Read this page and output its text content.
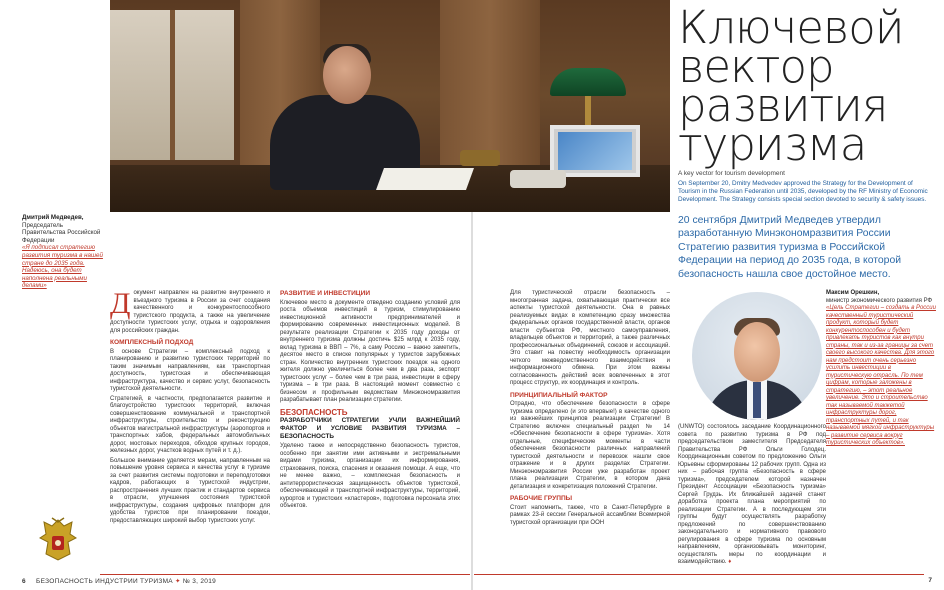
Дмитрий Медведев,
Председатель Правительства Российской Федерации
«Я подписал стратегию развития туризма в нашей стране до 2035 года. Надеюсь, она будет наполнена реальными делами»

Документ направлен на развитие внутреннего и въездного туризма в России за счет создания качественного и конкурентоспособного туристского продукта, а также на увеличение доступности туристских услуг, отдыха и оздоровления для российских граждан.

КОМПЛЕКСНЫЙ ПОДХОД

В основе Стратегии – комплексный подход к планированию и развитию туристских территорий по таким значимым направлениям, как транспортная доступность, туристская и обеспечивающая инфраструктура, качество и сервис услуг, безопасность туристской деятельности.

Стратегией, в частности, предполагается развитие и благоустройство туристских территорий, включая совершенствование коммунальной и транспортной инфраструктуры, строительство и реконструкцию объектов магистральной инфраструктуры (аэропортов и транспортных хабов, федеральных автомобильных дорог, мостовых переходов, обходов крупных городов, железных дорог, участков водных путей и т. д.).

Большое внимание уделяется мерам, направленным на повышение уровня сервиса и качества услуг в туризме за счет развития системы подготовки и переподготовки кадров, работающих в туристской индустрии, распространения лучших практик и стандартов сервиса в отрасли, улучшения состояния туристской инфраструктуры, создания цифровых платформ для удобства туристов при планировании поездки, предоставляющих широкий выбор туристских услуг.

РАЗВИТИЕ И ИНВЕСТИЦИИ

Ключевое место в документе отведено созданию условий для роста объемов инвестиций в туризм, стимулированию инвестиционной активности предпринимателей и формированию современных инвестиционных моделей. В результате реализации Стратегии к 2035 году доходы от внутреннего туризма должны достичь $25 млрд к 2035 году, вклад туризма в ВВП – 7%, а саму Россию – важно заметить, десятое место в списке популярных у туристов зарубежных стран. Количество внутренних туристских поездок на одного жителя должно увеличиться более чем в два раза, экспорт туристских услуг – более чем в три раза, инвестиции в сферу туризма – в три раза. В настоящий момент совместно с бизнесом и профильным ведомствам Минэкономразвития разрабатывает план реализации стратегии.

БЕЗОПАСНОСТЬ
РАЗРАБОТЧИКИ СТРАТЕГИИ УЧЛИ ВАЖНЕЙШИЙ ФАКТОР И УСЛОВИЕ РАЗВИТИЯ ТУРИЗМА – БЕЗОПАСНОСТЬ

Уделено также и непосредственно безопасность туристов, особенно при занятии ими активными и экстремальными видами туризма, организации их информирования, страхования, поиска, спасения и оказания помощи. А еще, что не менее важно, – комплексная безопасность и антитеррористическая защищенность объектов туристской, обеспечивающей и транспортной инфраструктуры, территорий, курортов и туристских «кластеров», подготовка персонала этих объектов.

6 БЕЗОПАСНОСТЬ ИНДУСТРИИ ТУРИЗМА ✦ № 3, 2019
Ключевой
вектор
развития
туризма
A key vector for tourism development
On September 20, Dmitry Medvedev approved the Strategy for the Development of Tourism in the Russian Federation until 2035, developed by the RF Ministry of Economic Development. The Strategy consists special section devoted to security & safety issues.
20 сентября Дмитрий Медведев утвердил разработанную Минэкономразвития России Стратегию развития туризма в Российской Федерации на период до 2035 года, в которой безопасность нашла свое достойное место.

Для туристической отрасли безопасность – многогранная задача, охватывающая практически все аспекты туристской деятельности. Она в равных реализуемых видах в компетенцию сразу множества федеральных органов государственной власти, органов власти субъектов РФ, местного самоуправления, владельцев объектов и территорий, а также различных профессиональных объединений, союзов и ассоциаций. Это ставит на повестку необходимость организации четкого межведомственного взаимодействия и информационного обмена. При этом важны согласованность действий всех вовлеченных в этот процесс структур, их координация и контроль.

ПРИНЦИПИАЛЬНЫЙ ФАКТОР

Отрадно, что обеспечение безопасности в сфере туризма определено (и это впервые!) в качестве одного из важнейших принципов реализации Стратегии! В Стратегию включен специальный раздел № 14 «Обеспечение безопасности в сфере туризма». Хотя отдельные, специфические моменты в части обеспечения безопасности различных направлений туристской деятельности и перевозок нашли свое отражение и в других разделах Стратегии. Минэкономразвития России уже разработан проект плана реализации Стратегии, в котором дана детализация и конкретизация положений Стратегии.

РАБОЧИЕ ГРУППЫ

Стоит напомнить, также, что в Санкт-Петербурге в рамках 23-й сессии Генеральной ассамблеи Всемирной туристской организации при ООН

Максим Орешкин,
министр экономического развития РФ
«Цель Стратегии – создать в России качественный туристический продукт, который будет конкурентоспособен и будет привлекать туристов как внутри страны, так и из-за границы за счет своего высокого качества. Для этого нам предстоит очень серьезно усилить инвестиции в туристическую отрасль. По тем цифрам, которые заложены в стратегию, – этот реальное увеличение. Это и строительство так называемой такжетой инфраструктуры дорог, транспортных путей, и так называемой мягкой инфраструктуры – развитие сервиса вокруг туристических объектов».

(UNWTO) состоялось заседание Координационного совета по развитию туризма в РФ под председательством заместителя Председателя Правительства РФ Ольги Голодец. Координационным советом по предложению Ольги Юрьевны сформированы 12 рабочих групп. Одна из них – рабочая группа «Безопасность в сфере туризма», председателем которой назначен Президент Ассоциации «Безопасность туризма» Сергей Грудзь. Их ближайшей задачей станет доработка проекта плана мероприятий по реализации Стратегии. А в последующем эти группы будут осуществлять разработку предложений по совершенствованию законодательного и нормативного правового регулирования в сфере туризма по основным направлениям, организовывать мониторинг, осуществлять меры по координации и взаимодействию. ♦

7
